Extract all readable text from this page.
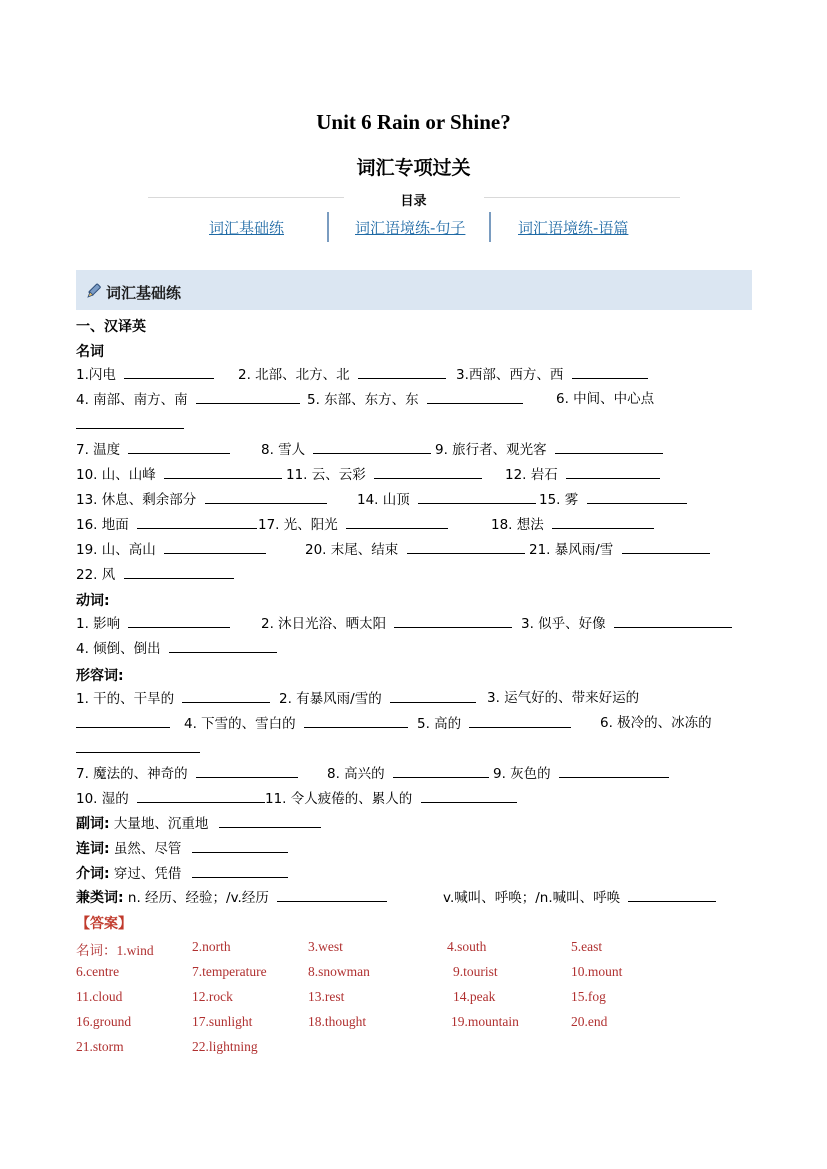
Unit 6 Rain or Shine?
词汇专项过关
目录
词汇基础练	词汇语境练-句子	词汇语境练-语篇
词汇基础练
一、汉译英
名词
1.闪电	2. 北部、北方、北	3.西部、西方、西
4. 南部、南方、南	5. 东部、东方、东	6. 中间、中心点
7. 温度	8. 雪人	9. 旅行者、观光客
10. 山、山峰	11. 云、云彩	12. 岩石
13. 休息、剩余部分	14. 山顶	15. 雾
16. 地面	17. 光、阳光	18. 想法
19. 山、高山	20. 末尾、结束	21. 暴风雨/雪
22. 风
动词:
1. 影响	2. 沐日光浴、晒太阳	3. 似乎、好像
4. 倾倒、倒出
形容词:
1. 干的、干旱的	2. 有暴风雨/雪的	3. 运气好的、带来好运的
4. 下雪的、雪白的	5. 高的	6. 极冷的、冰冻的
7. 魔法的、神奇的	8. 高兴的	9. 灰色的
10. 湿的	11. 令人疲倦的、累人的
副词: 大量地、沉重地
连词: 虽然、尽管
介词: 穿过、凭借
兼类词: n. 经历、经验；/v.经历	v.喊叫、呼唤；/n.喊叫、呼唤
【答案】
名词：1.wind	2.north	3.west	4.south	5.east
6.centre	7.temperature	8.snowman	9.tourist	10.mount
11.cloud	12.rock	13.rest	14.peak	15.fog
16.ground	17.sunlight	18.thought	19.mountain	20.end
21.storm	22.lightning
